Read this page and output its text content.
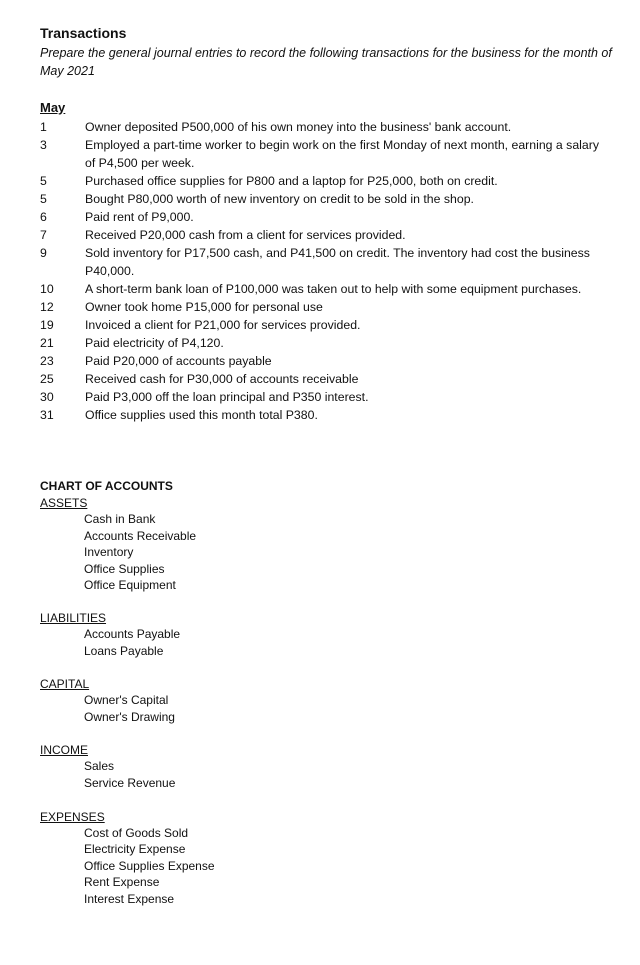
Transactions

Prepare the general journal entries to record the following transactions for the business for the month of May 2021

May
1	Owner deposited P500,000 of his own money into the business' bank account.
3	Employed a part-time worker to begin work on the first Monday of next month, earning a salary of P4,500 per week.
5	Purchased office supplies for P800 and a laptop for P25,000, both on credit.
5	Bought P80,000 worth of new inventory on credit to be sold in the shop.
6	Paid rent of P9,000.
7	Received P20,000 cash from a client for services provided.
9	Sold inventory for P17,500 cash, and P41,500 on credit. The inventory had cost the business P40,000.
10	A short-term bank loan of P100,000 was taken out to help with some equipment purchases.
12	Owner took home P15,000 for personal use
19	Invoiced a client for P21,000 for services provided.
21	Paid electricity of P4,120.
23	Paid P20,000 of accounts payable
25	Received cash for P30,000 of accounts receivable
30	Paid P3,000 off the loan principal and P350 interest.
31	Office supplies used this month total P380.
CHART OF ACCOUNTS
ASSETS
Cash in Bank
Accounts Receivable
Inventory
Office Supplies
Office Equipment
LIABILITIES
Accounts Payable
Loans Payable
CAPITAL
Owner's Capital
Owner's Drawing
INCOME
Sales
Service Revenue
EXPENSES
Cost of Goods Sold
Electricity Expense
Office Supplies Expense
Rent Expense
Interest Expense
